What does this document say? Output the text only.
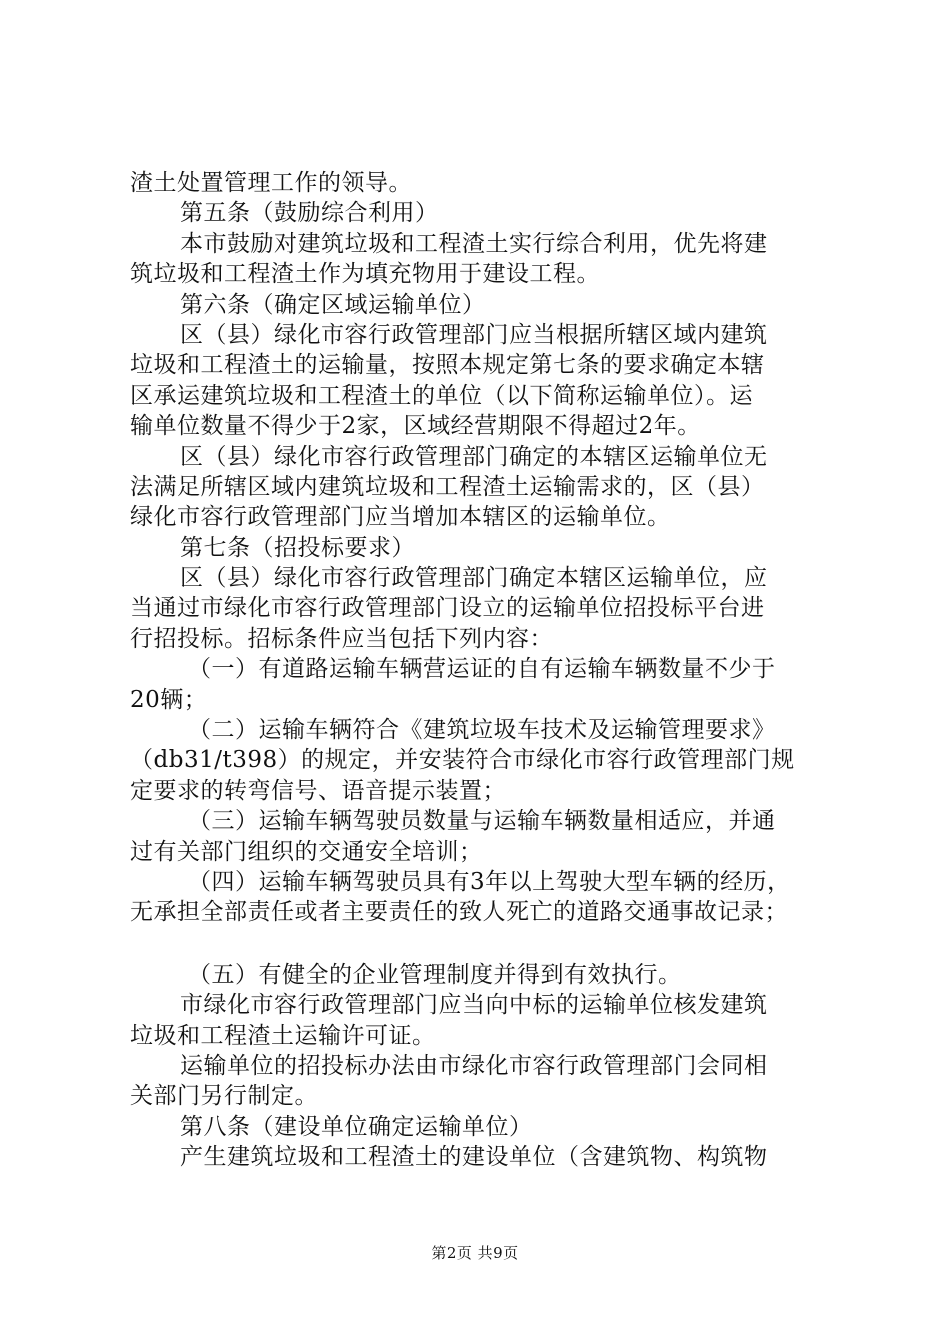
渣土处置管理工作的领导。
第五条（鼓励综合利用）
本市鼓励对建筑垃圾和工程渣土实行综合利用，优先将建
筑垃圾和工程渣土作为填充物用于建设工程。
第六条（确定区域运输单位）
区（县）绿化市容行政管理部门应当根据所辖区域内建筑
垃圾和工程渣土的运输量，按照本规定第七条的要求确定本辖
区承运建筑垃圾和工程渣土的单位（以下简称运输单位）。运
输单位数量不得少于2家，区域经营期限不得超过2年。
区（县）绿化市容行政管理部门确定的本辖区运输单位无
法满足所辖区域内建筑垃圾和工程渣土运输需求的，区（县）
绿化市容行政管理部门应当增加本辖区的运输单位。
第七条（招投标要求）
区（县）绿化市容行政管理部门确定本辖区运输单位，应
当通过市绿化市容行政管理部门设立的运输单位招投标平台进
行招投标。招标条件应当包括下列内容：
（一）有道路运输车辆营运证的自有运输车辆数量不少于
20辆；
（二）运输车辆符合《建筑垃圾车技术及运输管理要求》
（db31/t398）的规定，并安装符合市绿化市容行政管理部门规
定要求的转弯信号、语音提示装置；
（三）运输车辆驾驶员数量与运输车辆数量相适应，并通
过有关部门组织的交通安全培训；
（四）运输车辆驾驶员具有3年以上驾驶大型车辆的经历，
无承担全部责任或者主要责任的致人死亡的道路交通事故记录；
（五）有健全的企业管理制度并得到有效执行。
市绿化市容行政管理部门应当向中标的运输单位核发建筑
垃圾和工程渣土运输许可证。
运输单位的招投标办法由市绿化市容行政管理部门会同相
关部门另行制定。
第八条（建设单位确定运输单位）
产生建筑垃圾和工程渣土的建设单位（含建筑物、构筑物
第2页 共9页
